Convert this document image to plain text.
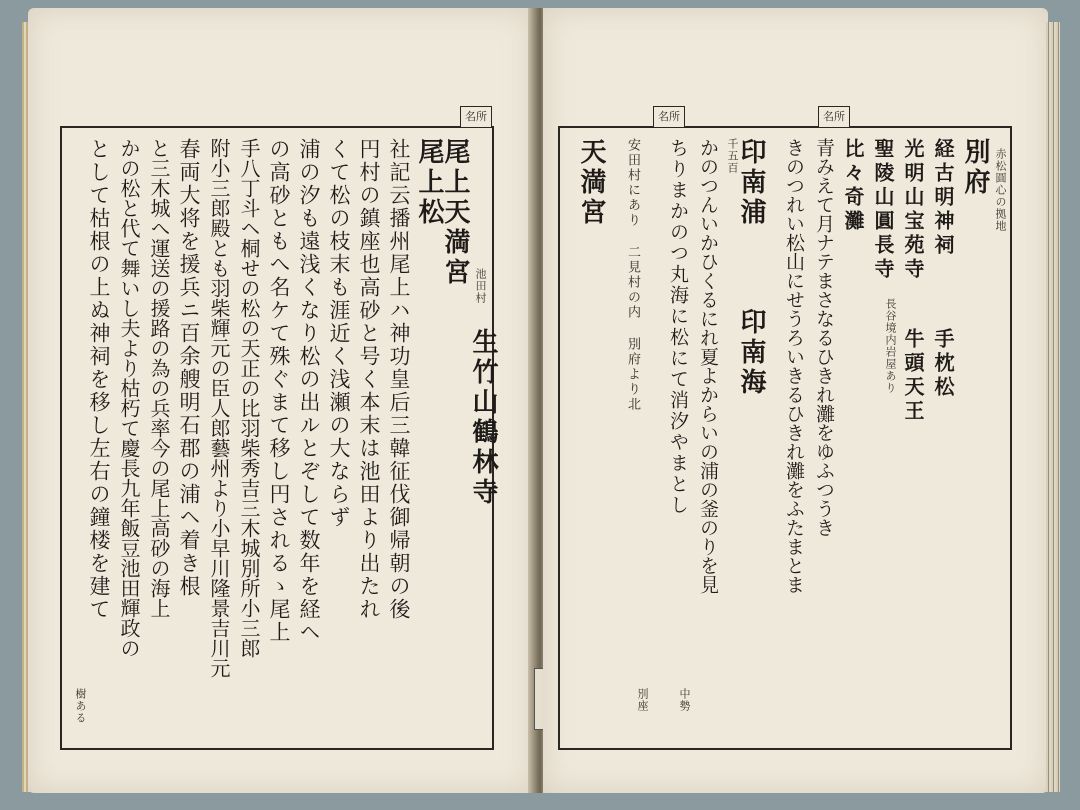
名所
尾上天満宮 池田村
生竹山鶴林寺
尾上松
社記云播州尾上ハ神功皇后三韓征伐御帰朝の後
円村の鎮座也高砂と号く本末は池田より出たれ
くて松の枝末も涯近く浅瀬の大ならず
浦の汐も遠浅くなり松の出ルとぞして数年を経ヘ
の高砂ともへ名ケて殊ぐまて移し円されるゝ尾上
手八丁斗ヘ桐せの松の天正の比羽柴秀吉三木城別所小三郎
附小三郎殿とも羽柴輝元の臣人郎藝州より小早川隆景吉川元
春両大将を援兵ニ百余艘明石郡の浦ヘ着き根
と三木城へ運送の援路の為の兵率今の尾上高砂の海上
かの松と代て舞いし夫より枯朽て慶長九年飯豆池田輝政の
として枯根の上ぬ神祠を移し左右の鐘楼を建て
樹ある
名所
名所
別府 赤松圓心の拠地
経古明神祠
光明山宝苑寺
牛頭天王 手枕松
聖陵山圓長寺
比々奇灘
長谷境内岩屋あり
青みえて月ナテまさなるひきれ灘をゆふつうき
きのつれい松山にせうろいきるひきれ灘をふたまとま
印南浦
印南海
千五百
かのつんいかひくるにれ夏よからいの浦の釜のりを見
ちりまかのつ丸海に松にて消汐やまとし
天満宮	安田村にあり 二見村の内 別府より北
中勢
別座
